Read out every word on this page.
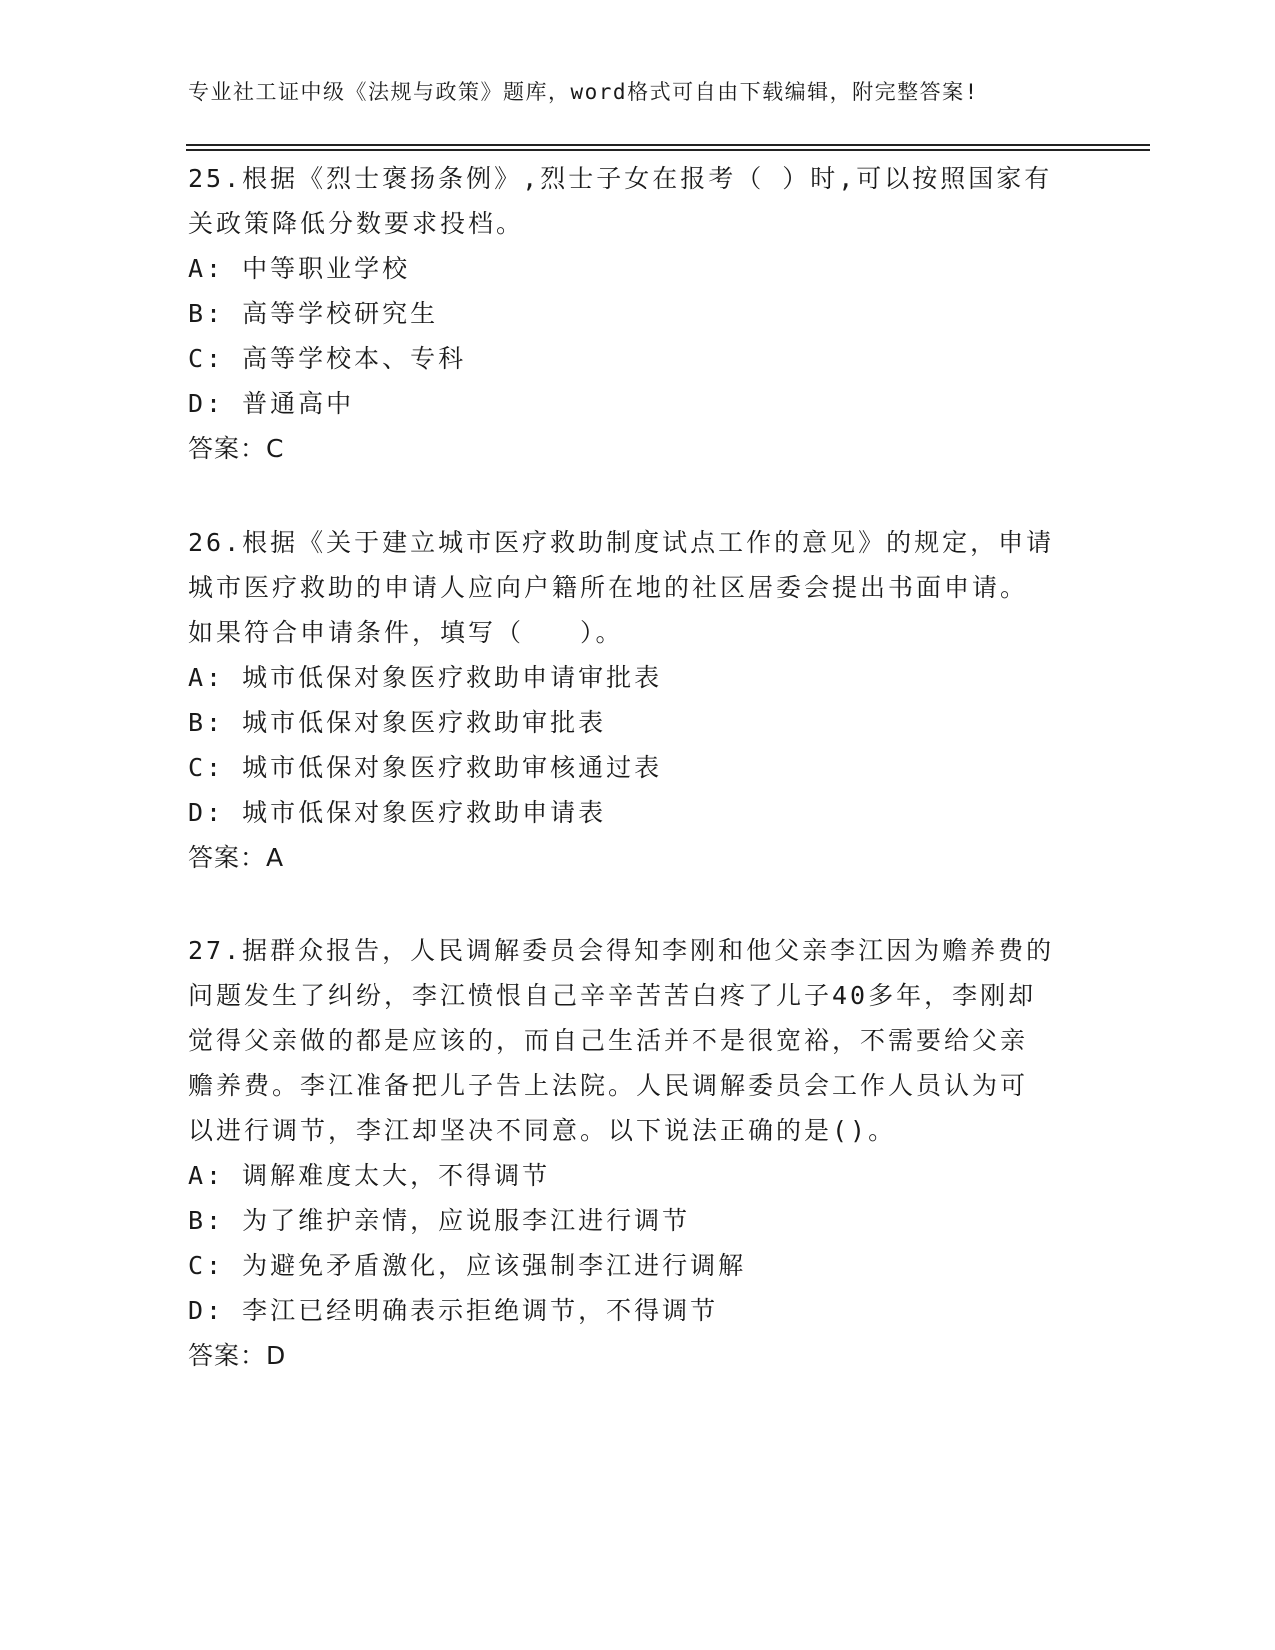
专业社工证中级《法规与政策》题库，word格式可自由下载编辑，附完整答案!
25.根据《烈士褒扬条例》,烈士子女在报考（ ）时,可以按照国家有
关政策降低分数要求投档。
A: 中等职业学校
B: 高等学校研究生
C: 高等学校本、专科
D: 普通高中
答案：C
26.根据《关于建立城市医疗救助制度试点工作的意见》的规定，申请
城市医疗救助的申请人应向户籍所在地的社区居委会提出书面申请。
如果符合申请条件，填写（　　）。
A: 城市低保对象医疗救助申请审批表
B: 城市低保对象医疗救助审批表
C: 城市低保对象医疗救助审核通过表
D: 城市低保对象医疗救助申请表
答案：A
27.据群众报告，人民调解委员会得知李刚和他父亲李江因为赡养费的
问题发生了纠纷，李江愤恨自己辛辛苦苦白疼了儿子40多年，李刚却
觉得父亲做的都是应该的，而自己生活并不是很宽裕，不需要给父亲
赡养费。李江准备把儿子告上法院。人民调解委员会工作人员认为可
以进行调节，李江却坚决不同意。以下说法正确的是()。
A: 调解难度太大，不得调节
B: 为了维护亲情，应说服李江进行调节
C: 为避免矛盾激化，应该强制李江进行调解
D: 李江已经明确表示拒绝调节，不得调节
答案：D
